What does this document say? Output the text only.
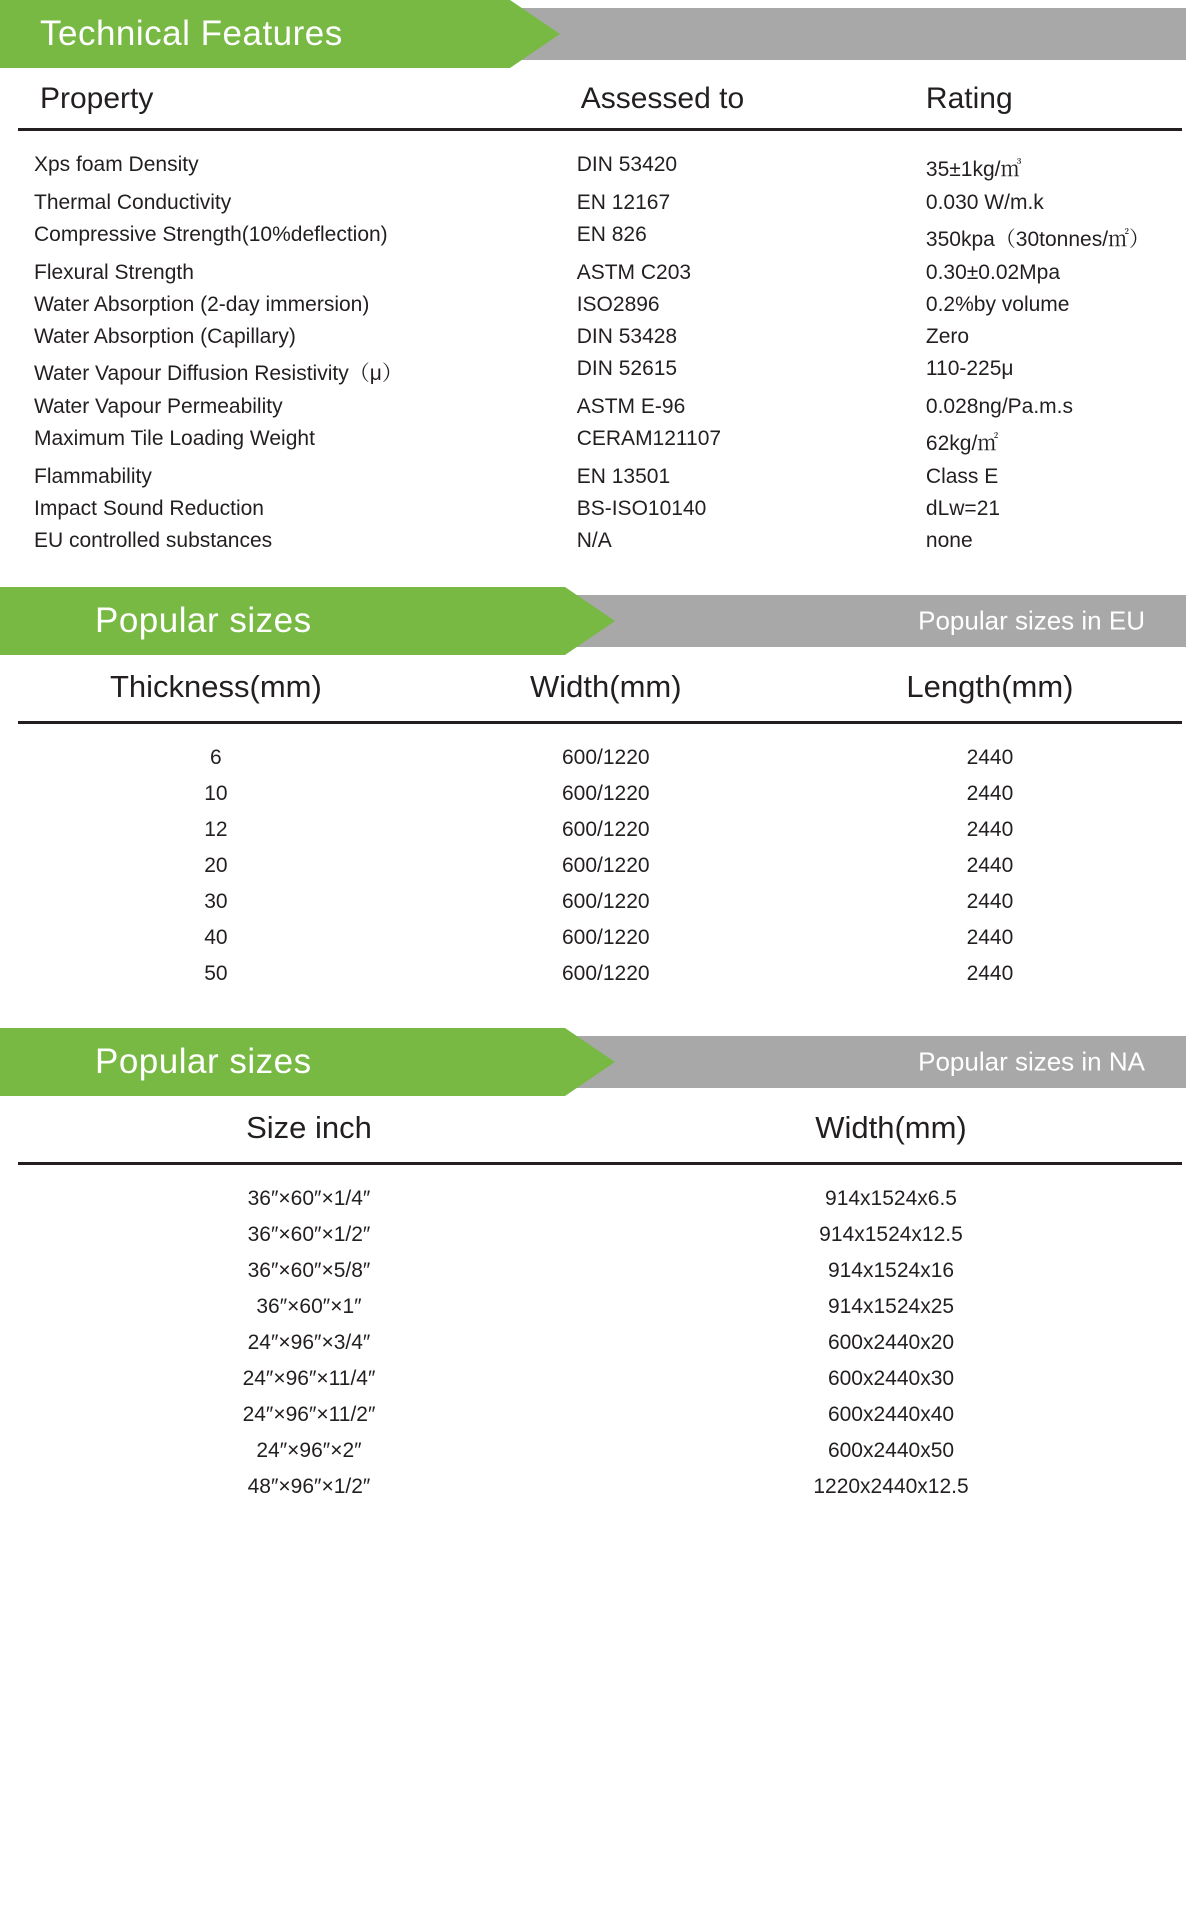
Technical Features
Property	Assessed to	Rating
Xps foam Density	DIN 53420	35±1kg/㎥
Thermal Conductivity	EN 12167	0.030 W/m.k
Compressive Strength(10%deflection)	EN 826	350kpa（30tonnes/㎡）
Flexural Strength	ASTM C203	0.30±0.02Mpa
Water Absorption (2-day immersion)	ISO2896	0.2%by volume
Water Absorption (Capillary)	DIN 53428	Zero
Water Vapour Diffusion Resistivity（μ）	DIN 52615	110-225μ
Water Vapour Permeability	ASTM E-96	0.028ng/Pa.m.s
Maximum Tile Loading Weight	CERAM121107	62kg/㎡
Flammability	EN 13501	Class E
Impact Sound Reduction	BS-ISO10140	dLw=21
EU controlled substances	N/A	none
Popular sizes	Popular sizes in EU
Thickness(mm)	Width(mm)	Length(mm)
6	600/1220	2440
10	600/1220	2440
12	600/1220	2440
20	600/1220	2440
30	600/1220	2440
40	600/1220	2440
50	600/1220	2440
Popular sizes	Popular sizes in NA
Size inch	Width(mm)
36″×60″×1/4″	914x1524x6.5
36″×60″×1/2″	914x1524x12.5
36″×60″×5/8″	914x1524x16
36″×60″×1″	914x1524x25
24″×96″×3/4″	600x2440x20
24″×96″×11/4″	600x2440x30
24″×96″×11/2″	600x2440x40
24″×96″×2″	600x2440x50
48″×96″×1/2″	1220x2440x12.5
